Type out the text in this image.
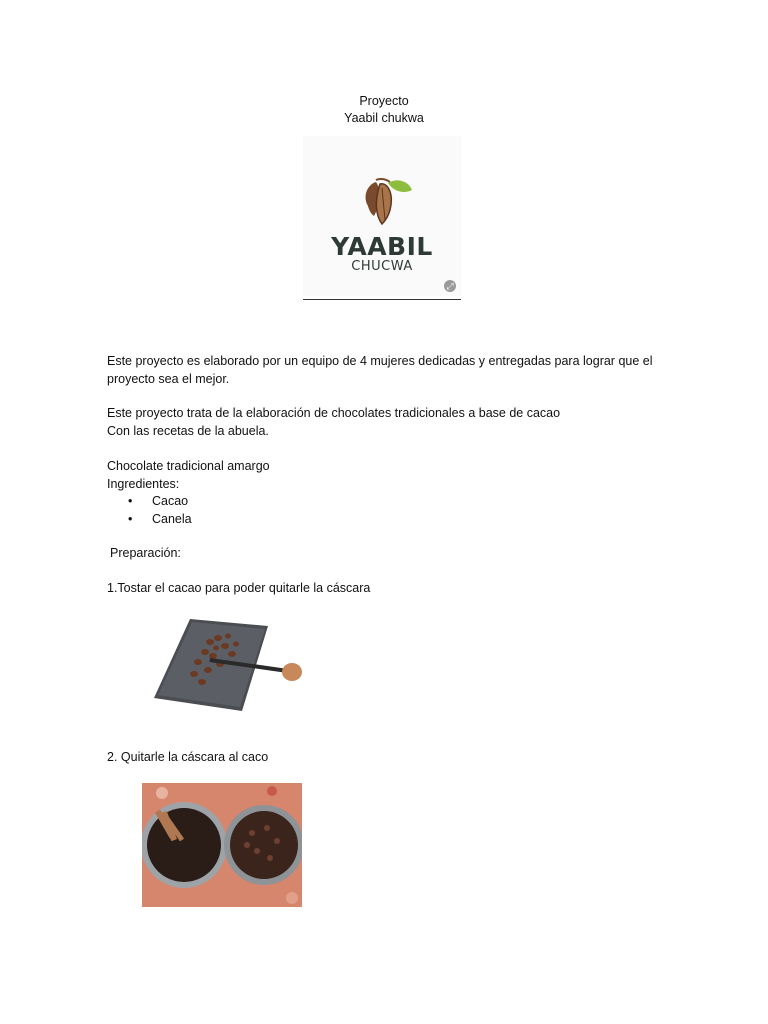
Proyecto
Yaabil chukwa
YAABIL
CHUCWA
⤢
Este proyecto es elaborado por un equipo de 4 mujeres dedicadas y entregadas para lograr que el
proyecto sea el mejor.
Este proyecto trata de la elaboración de chocolates tradicionales a base de cacao
Con las recetas de la abuela.
Chocolate tradicional amargo
Ingredientes:
• Cacao
• Canela
Preparación:
1.Tostar el cacao para poder quitarle la cáscara
2. Quitarle la cáscara al caco
